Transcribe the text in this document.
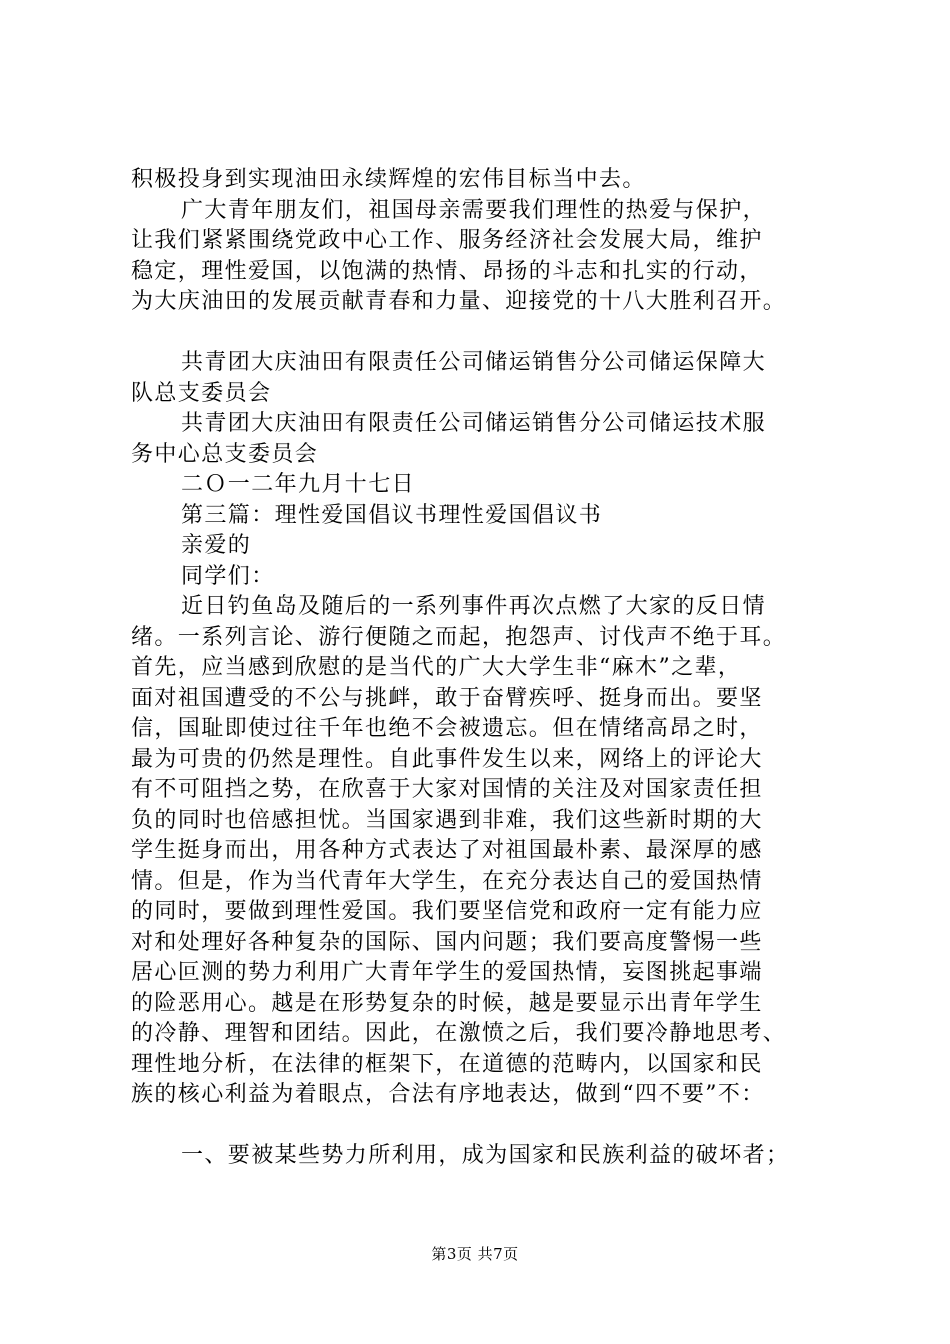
积极投身到实现油田永续辉煌的宏伟目标当中去。
广大青年朋友们，祖国母亲需要我们理性的热爱与保护，
让我们紧紧围绕党政中心工作、服务经济社会发展大局，维护
稳定，理性爱国，以饱满的热情、昂扬的斗志和扎实的行动，
为大庆油田的发展贡献青春和力量、迎接党的十八大胜利召开。
共青团大庆油田有限责任公司储运销售分公司储运保障大
队总支委员会
共青团大庆油田有限责任公司储运销售分公司储运技术服
务中心总支委员会
二Ｏ一二年九月十七日
第三篇：理性爱国倡议书理性爱国倡议书
亲爱的
同学们：
近日钓鱼岛及随后的一系列事件再次点燃了大家的反日情
绪。一系列言论、游行便随之而起，抱怨声、讨伐声不绝于耳。
首先，应当感到欣慰的是当代的广大大学生非“麻木”之辈，
面对祖国遭受的不公与挑衅，敢于奋臂疾呼、挺身而出。要坚
信，国耻即使过往千年也绝不会被遗忘。但在情绪高昂之时，
最为可贵的仍然是理性。自此事件发生以来，网络上的评论大
有不可阻挡之势，在欣喜于大家对国情的关注及对国家责任担
负的同时也倍感担忧。当国家遇到非难，我们这些新时期的大
学生挺身而出，用各种方式表达了对祖国最朴素、最深厚的感
情。但是，作为当代青年大学生，在充分表达自己的爱国热情
的同时，要做到理性爱国。我们要坚信党和政府一定有能力应
对和处理好各种复杂的国际、国内问题；我们要高度警惕一些
居心叵测的势力利用广大青年学生的爱国热情，妄图挑起事端
的险恶用心。越是在形势复杂的时候，越是要显示出青年学生
的冷静、理智和团结。因此，在激愤之后，我们要冷静地思考、
理性地分析，在法律的框架下，在道德的范畴内，以国家和民
族的核心利益为着眼点，合法有序地表达，做到“四不要”不：
一、要被某些势力所利用，成为国家和民族利益的破坏者；
第3页 共7页
